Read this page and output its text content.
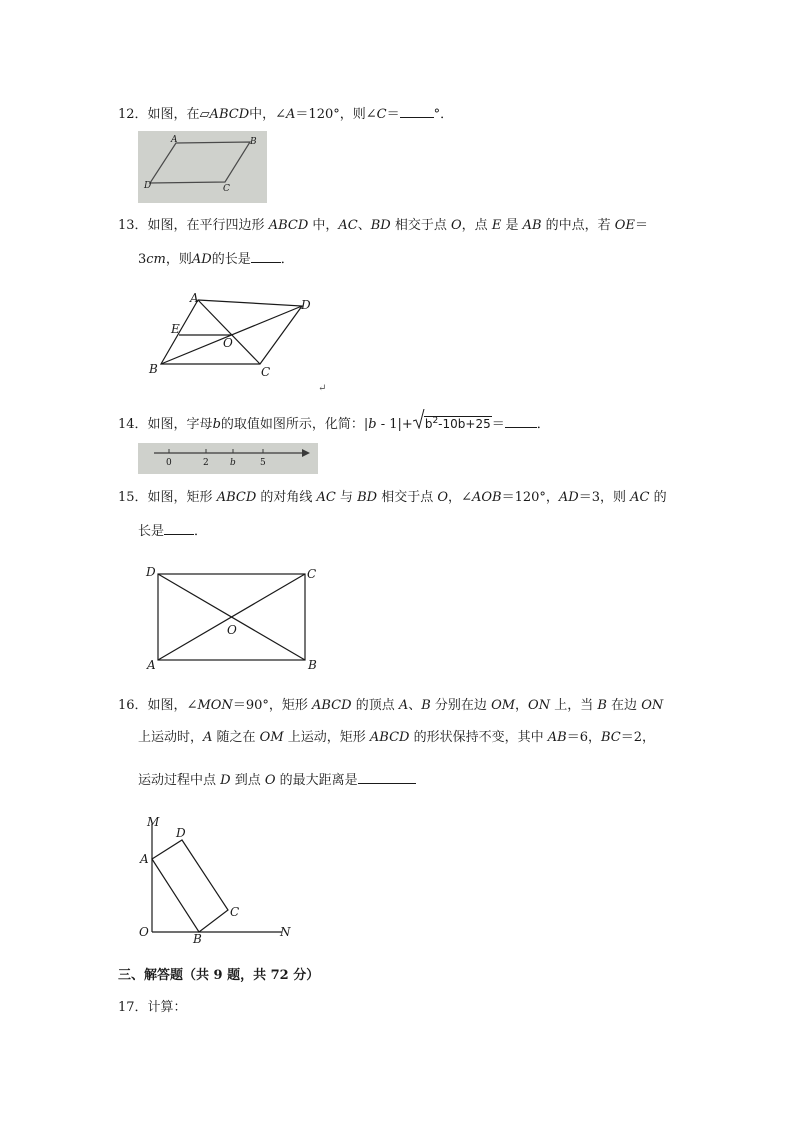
12．如图，在▱ABCD中，∠A＝120°，则∠C＝	°．
A	B
C
D
13．如图，在平行四边形 ABCD 中，AC、BD 相交于点 O，点 E 是 AB 的中点，若 OE＝
3cm，则AD的长是 ．
A	D
E
O
B	C
↵
14．如图，字母b的取值如图所示，化简：$|b - 1|+ b^2-10b+25=$ ．
0	2 b	5
15．如图，矩形 ABCD 的对角线 AC 与 BD 相交于点 O，∠AOB＝120°，AD＝3，则 AC 的
长是 ．
D	C
O
A	B
16．如图，∠MON＝90°，矩形 ABCD 的顶点 A、B 分别在边 OM，ON 上，当 B 在边 ON
上运动时，A 随之在 OM 上运动，矩形 ABCD 的形状保持不变，其中 AB＝6，BC＝2，
运动过程中点 D 到点 O 的最大距离是
M
D
A
C
O	B	N
三、解答题（共 9 题，共 72 分）
17．计算：
